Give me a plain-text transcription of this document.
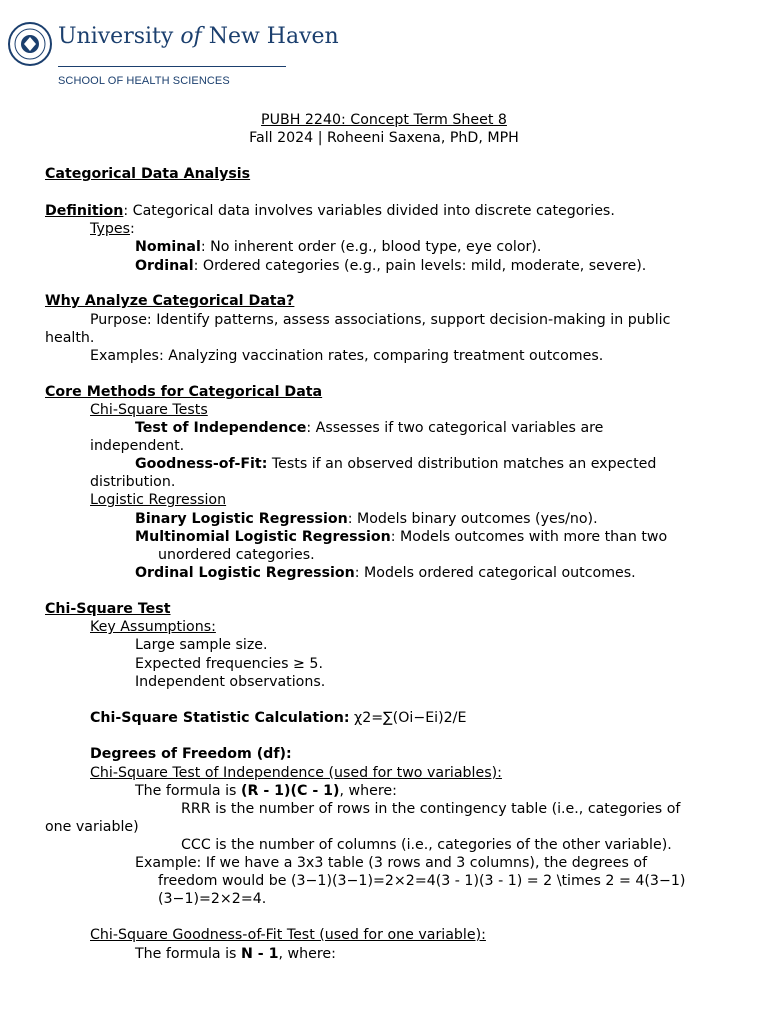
University of New Haven
SCHOOL OF HEALTH SCIENCES
PUBH 2240: Concept Term Sheet 8
Fall 2024 | Roheeni Saxena, PhD, MPH
Categorical Data Analysis
Definition: Categorical data involves variables divided into discrete categories.
Types:
Nominal: No inherent order (e.g., blood type, eye color).
Ordinal: Ordered categories (e.g., pain levels: mild, moderate, severe).
Why Analyze Categorical Data?
Purpose: Identify patterns, assess associations, support decision-making in public
health.
Examples: Analyzing vaccination rates, comparing treatment outcomes.
Core Methods for Categorical Data
Chi-Square Tests
Test of Independence: Assesses if two categorical variables are
independent.
Goodness-of-Fit: Tests if an observed distribution matches an expected
distribution.
Logistic Regression
Binary Logistic Regression: Models binary outcomes (yes/no).
Multinomial Logistic Regression: Models outcomes with more than two
unordered categories.
Ordinal Logistic Regression: Models ordered categorical outcomes.
Chi-Square Test
Key Assumptions:
Large sample size.
Expected frequencies ≥ 5.
Independent observations.
Chi-Square Statistic Calculation: χ2=∑(Oi−Ei)2/E
Degrees of Freedom (df):
Chi-Square Test of Independence (used for two variables):
The formula is (R - 1)(C - 1), where:
RRR is the number of rows in the contingency table (i.e., categories of
one variable)
CCC is the number of columns (i.e., categories of the other variable).
Example: If we have a 3x3 table (3 rows and 3 columns), the degrees of
freedom would be (3−1)(3−1)=2×2=4(3 - 1)(3 - 1) = 2 \times 2 = 4(3−1)
(3−1)=2×2=4.
Chi-Square Goodness-of-Fit Test (used for one variable):
The formula is N - 1, where:
